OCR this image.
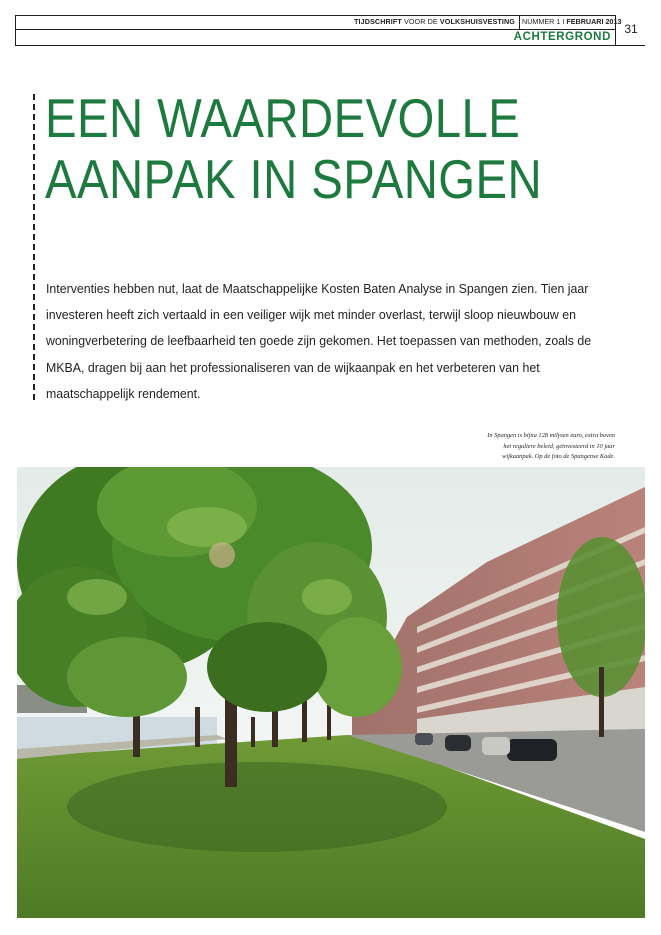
TIJDSCHRIFT VOOR DE VOLKSHUISVESTING NUMMER 1 I FEBRUARI 2013
ACHTERGROND
31
EEN WAARDEVOLLE
AANPAK IN SPANGEN

Interventies hebben nut, laat de Maatschappelijke Kosten Baten Analyse in Spangen zien. Tien jaar investeren heeft zich vertaald in een veiliger wijk met minder overlast, terwijl sloop nieuwbouw en woningverbetering de leefbaarheid ten goede zijn gekomen. Het toepassen van methoden, zoals de MKBA, dragen bij aan het professionaliseren van de wijkaanpak en het verbeteren van het maatschappelijk rendement.

In Spangen is bijna 128 miljoen euro, extra boven
het reguliere beleid, geïnvesteerd in 10 jaar
wijkaanpak. Op de foto de Spangense Kade.
